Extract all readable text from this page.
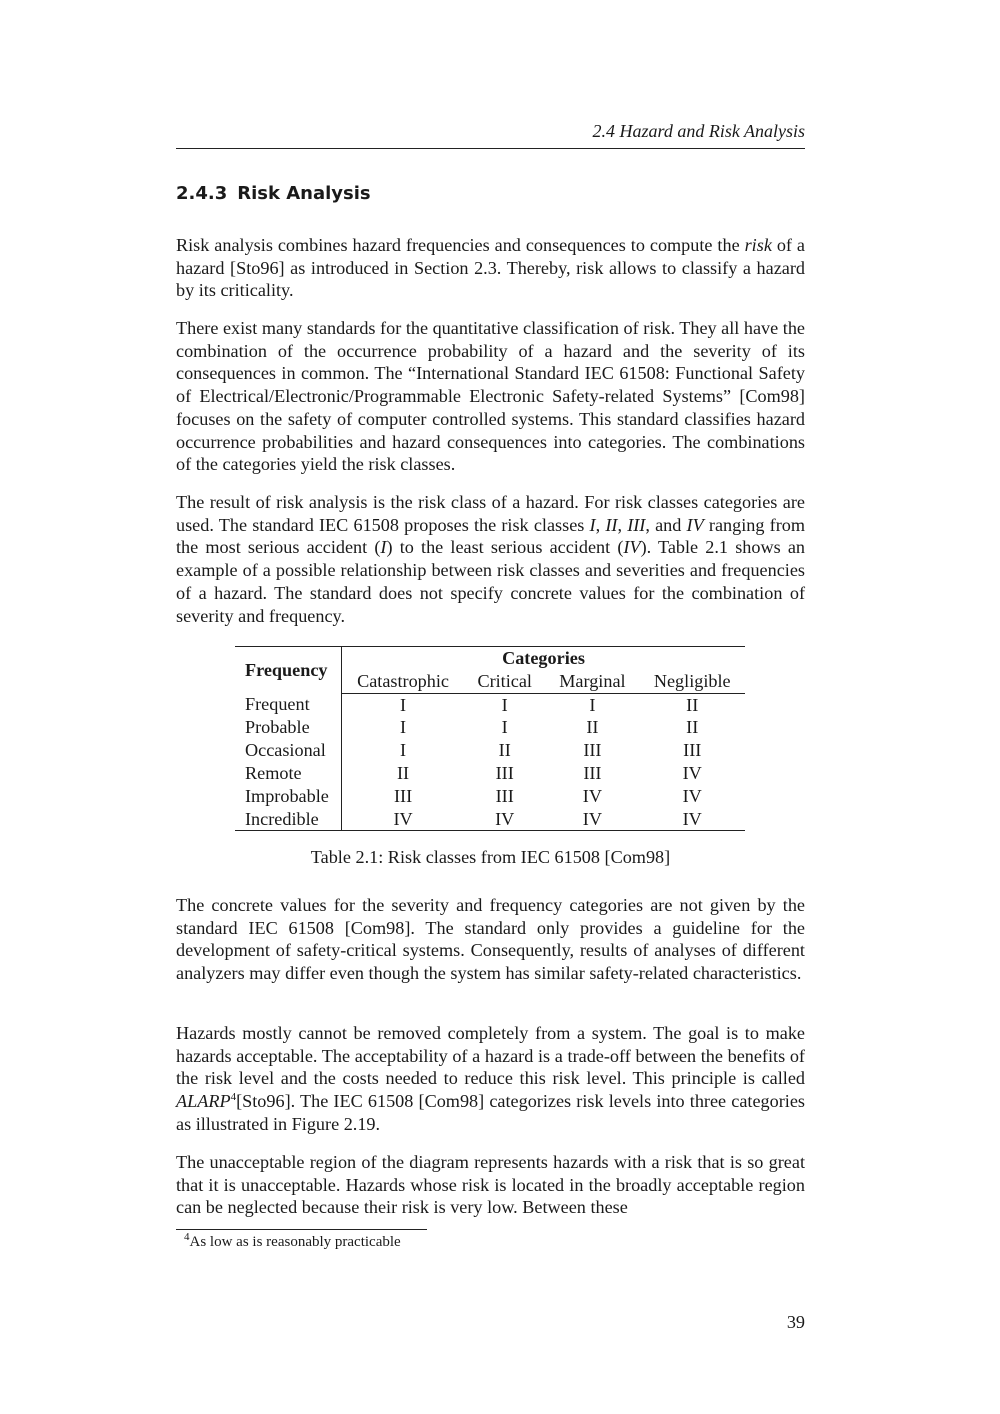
2.4 Hazard and Risk Analysis
2.4.3 Risk Analysis

Risk analysis combines hazard frequencies and consequences to compute the risk of a hazard [Sto96] as introduced in Section 2.3. Thereby, risk allows to classify a hazard by its criticality.

There exist many standards for the quantitative classification of risk. They all have the combination of the occurrence probability of a hazard and the severity of its consequences in common. The “International Standard IEC 61508: Functional Safety of Electrical/Electronic/Programmable Electronic Safety-related Systems” [Com98] focuses on the safety of computer controlled systems. This standard classifies hazard occurrence probabilities and hazard consequences into categories. The combinations of the categories yield the risk classes.

The result of risk analysis is the risk class of a hazard. For risk classes categories are used. The standard IEC 61508 proposes the risk classes I, II, III, and IV ranging from the most serious accident (I) to the least serious accident (IV). Table 2.1 shows an example of a possible relationship between risk classes and severities and frequencies of a hazard. The standard does not specify concrete values for the combination of severity and frequency.

Frequency	Categories			
	Catastrophic	Critical	Marginal	Negligible
Frequent	I	I	I	II
Probable	I	I	II	II
Occasional	I	II	III	III
Remote	II	III	III	IV
Improbable	III	III	IV	IV
Incredible	IV	IV	IV	IV
Table 2.1: Risk classes from IEC 61508 [Com98]

The concrete values for the severity and frequency categories are not given by the standard IEC 61508 [Com98]. The standard only provides a guideline for the development of safety-critical systems. Consequently, results of analyses of different analyzers may differ even though the system has similar safety-related characteristics.

Hazards mostly cannot be removed completely from a system. The goal is to make hazards acceptable. The acceptability of a hazard is a trade-off between the benefits of the risk level and the costs needed to reduce this risk level. This principle is called ALARP$^4$[Sto96]. The IEC 61508 [Com98] categorizes risk levels into three categories as illustrated in Figure 2.19.

The unacceptable region of the diagram represents hazards with a risk that is so great that it is unacceptable. Hazards whose risk is located in the broadly acceptable region can be neglected because their risk is very low. Between these

$^4$As low as is reasonably practicable
39
